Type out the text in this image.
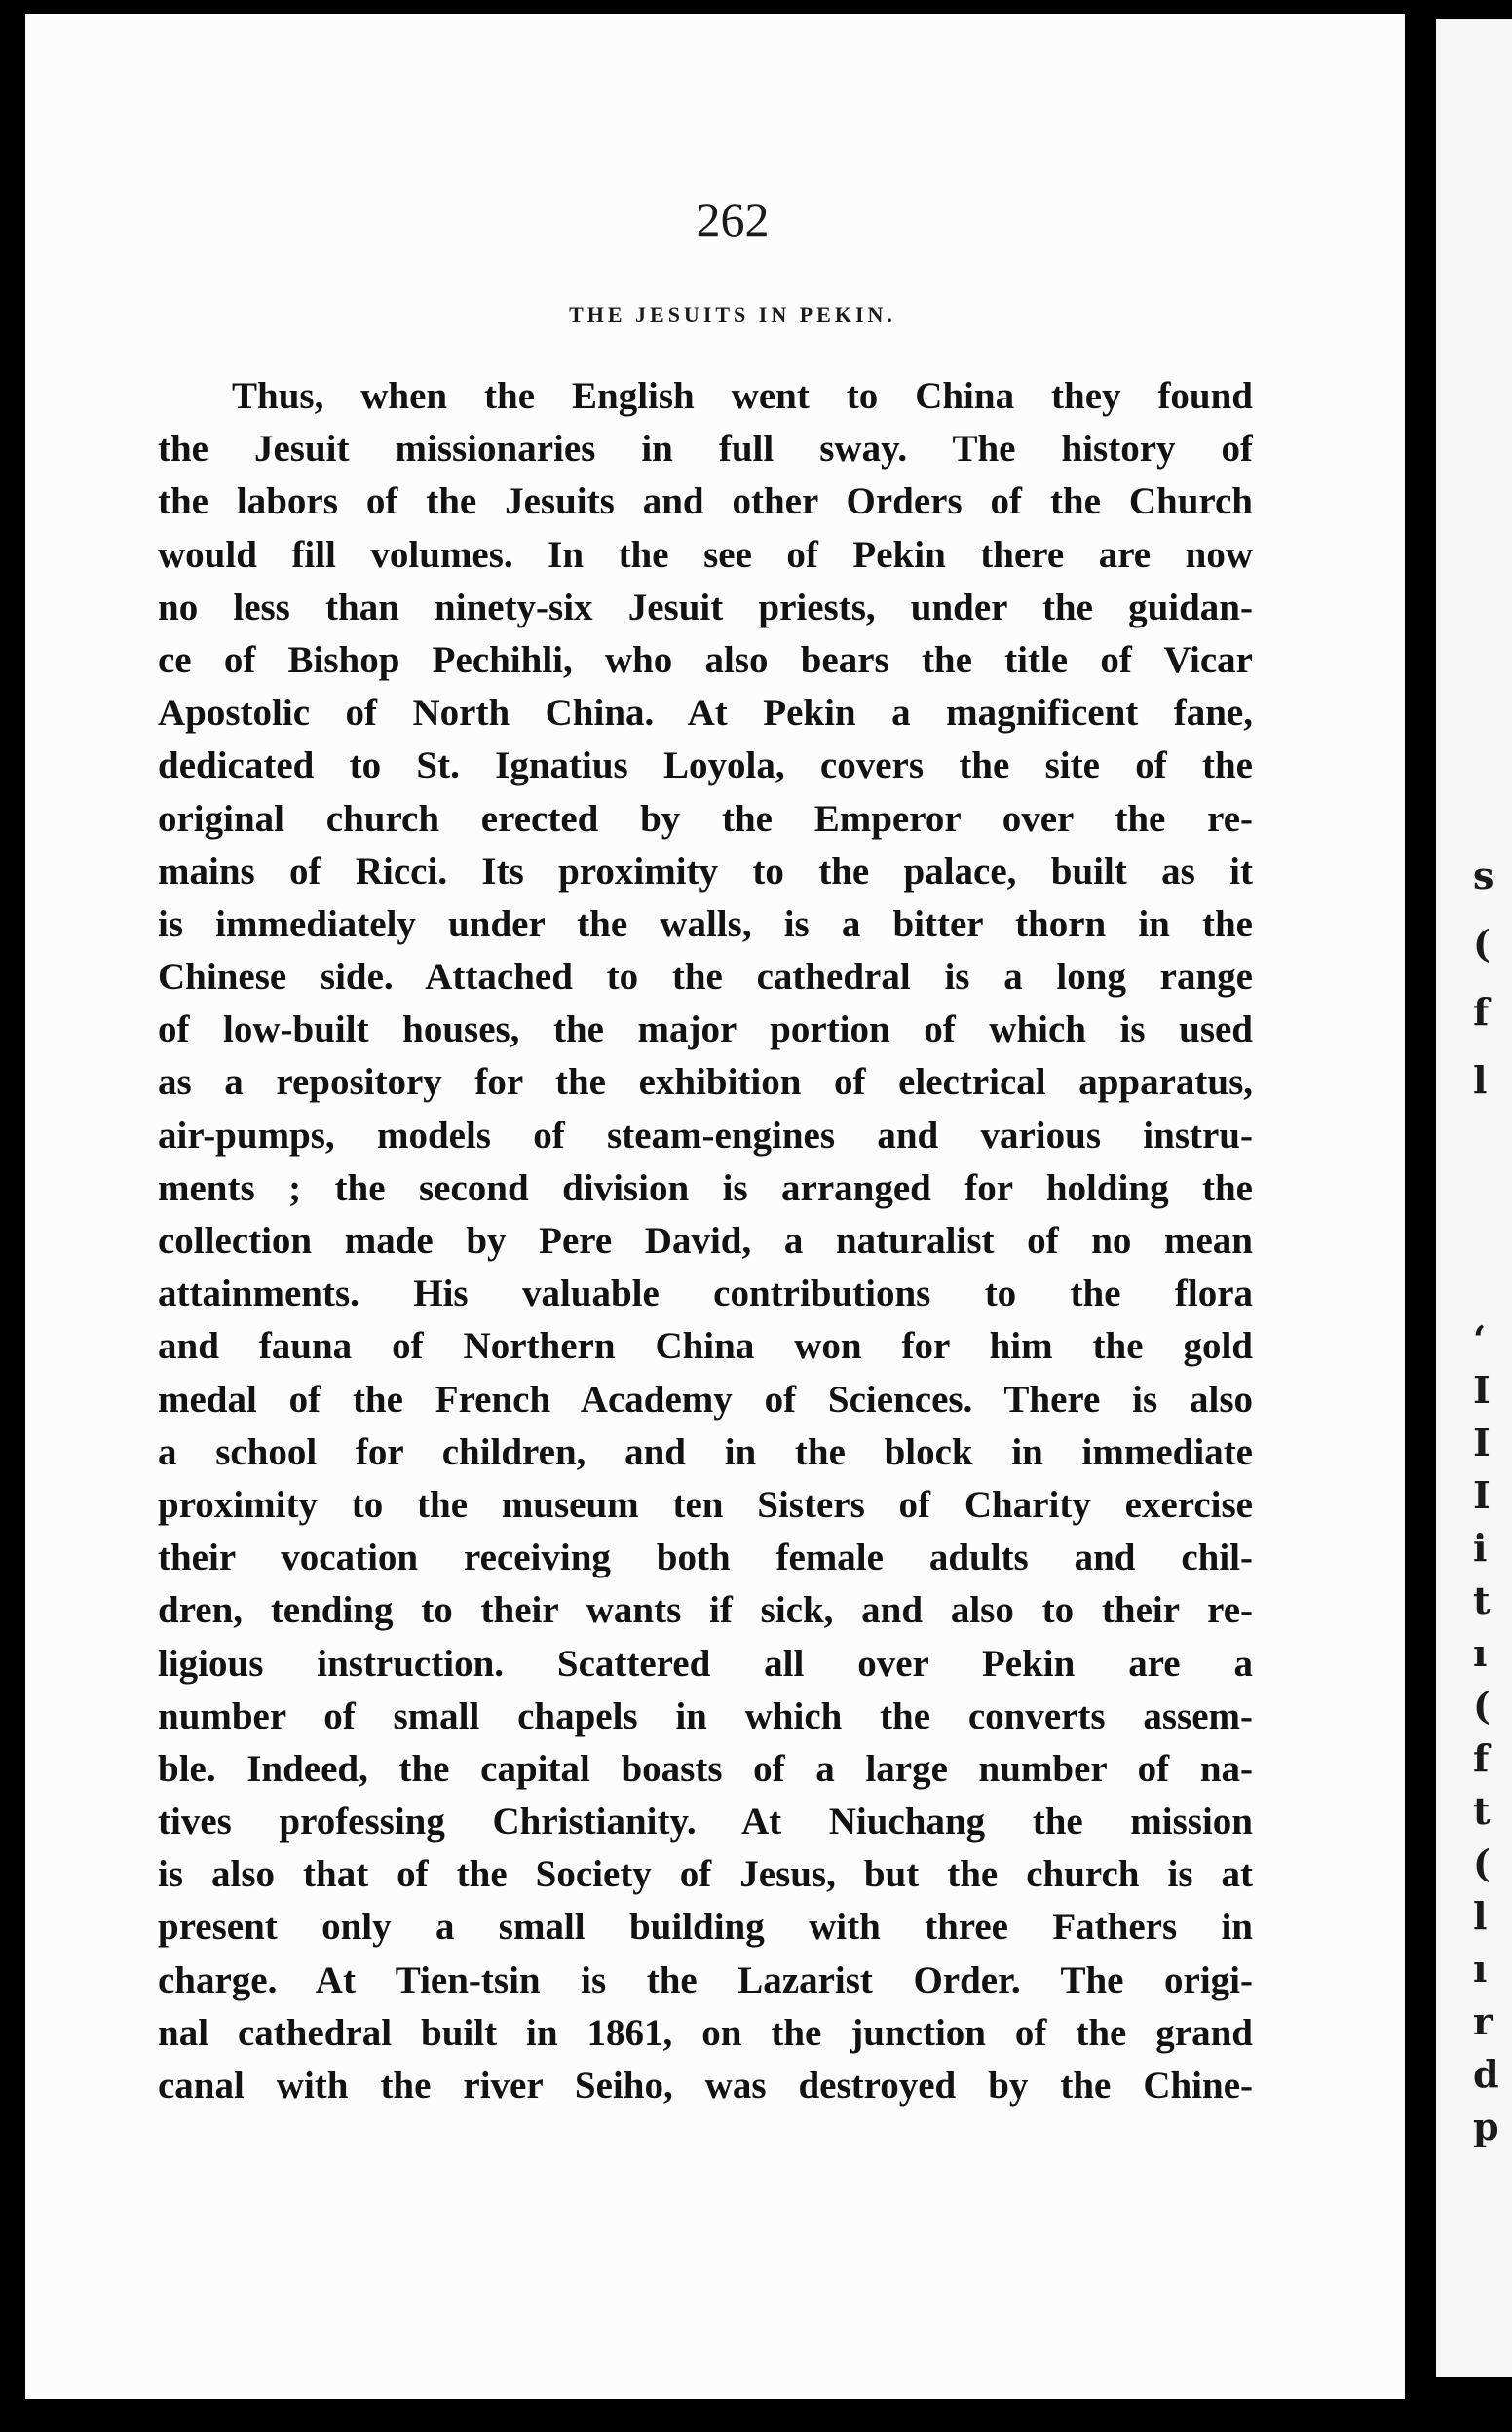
262
THE JESUITS IN PEKIN.
Thus, when the English went to China they found
the Jesuit missionaries in full sway. The history of
the labors of the Jesuits and other Orders of the Church
would fill volumes. In the see of Pekin there are now
no less than ninety-six Jesuit priests, under the guidan-
ce of Bishop Pechihli, who also bears the title of Vicar
Apostolic of North China. At Pekin a magnificent fane,
dedicated to St. Ignatius Loyola, covers the site of the
original church erected by the Emperor over the re-
mains of Ricci. Its proximity to the palace, built as it
is immediately under the walls, is a bitter thorn in the
Chinese side. Attached to the cathedral is a long range
of low-built houses, the major portion of which is used
as a repository for the exhibition of electrical apparatus,
air-pumps, models of steam-engines and various instru-
ments ; the second division is arranged for holding the
collection made by Pere David, a naturalist of no mean
attainments. His valuable contributions to the flora
and fauna of Northern China won for him the gold
medal of the French Academy of Sciences. There is also
a school for children, and in the block in immediate
proximity to the museum ten Sisters of Charity exercise
their vocation receiving both female adults and chil-
dren, tending to their wants if sick, and also to their re-
ligious instruction. Scattered all over Pekin are a
number of small chapels in which the converts assem-
ble. Indeed, the capital boasts of a large number of na-
tives professing Christianity. At Niuchang the mission
is also that of the Society of Jesus, but the church is at
present only a small building with three Fathers in
charge. At Tien-tsin is the Lazarist Order. The origi-
nal cathedral built in 1861, on the junction of the grand
canal with the river Seiho, was destroyed by the Chine-
s
(
f
l
‘
I
I
I
i
t
ı
(
f
t
(
l
ı
r
d
p
